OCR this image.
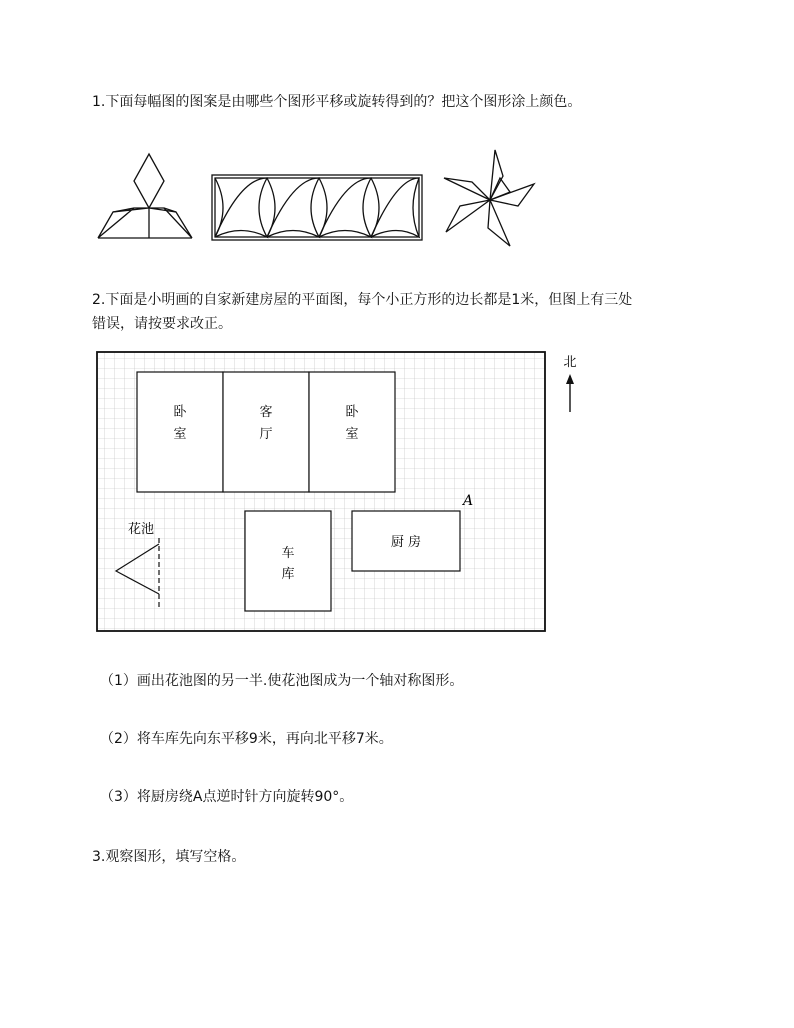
1.下面每幅图的图案是由哪些个图形平移或旋转得到的？把这个图形涂上颜色。
2.下面是小明画的自家新建房屋的平面图，每个小正方形的边长都是1米，但图上有三处
错误，请按要求改正。
卧
室
客
厅
卧
室
车
库
厨 房
A
花池
北
（1）画出花池图的另一半.使花池图成为一个轴对称图形。
（2）将车库先向东平移9米，再向北平移7米。
（3）将厨房绕A点逆时针方向旋转90°。
3.观察图形，填写空格。
